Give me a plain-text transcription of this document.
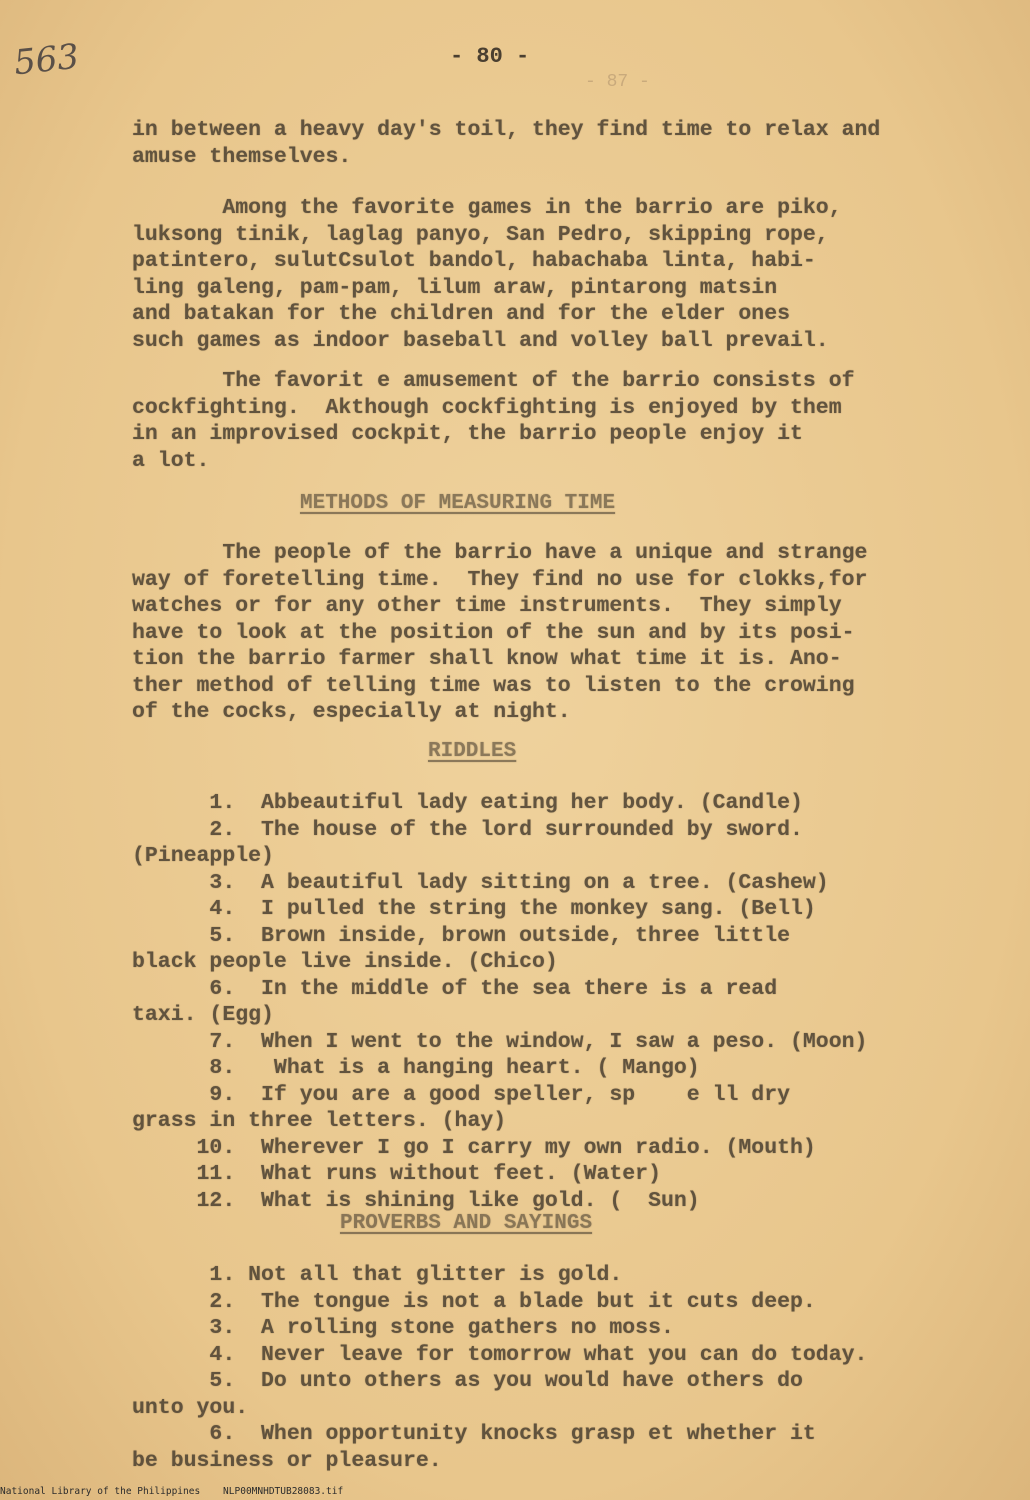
563	- 80 -
- 87 -
in between a heavy day's toil, they find time to relax and
amuse themselves.
Among the favorite games in the barrio are piko,
luksong tinik, laglag panyo, San Pedro, skipping rope,
patintero, sulutCsulot bandol, habachaba linta, habi-
ling galeng, pam-pam, lilum araw, pintarong matsin
and batakan for the children and for the elder ones
such games as indoor baseball and volley ball prevail.
The favorit e amusement of the barrio consists of
cockfighting.  Akthough cockfighting is enjoyed by them
in an improvised cockpit, the barrio people enjoy it
a lot.
METHODS OF MEASURING TIME
The people of the barrio have a unique and strange
way of foretelling time.  They find no use for clokks,for
watches or for any other time instruments.  They simply
have to look at the position of the sun and by its posi-
tion the barrio farmer shall know what time it is. Ano-
ther method of telling time was to listen to the crowing
of the cocks, especially at night.
RIDDLES
1.  Abbeautiful lady eating her body. (Candle)
2.  The house of the lord surrounded by sword.
(Pineapple)
3.  A beautiful lady sitting on a tree. (Cashew)
4.  I pulled the string the monkey sang. (Bell)
5.  Brown inside, brown outside, three little
black people live inside. (Chico)
6.  In the middle of the sea there is a read
taxi. (Egg)
7.  When I went to the window, I saw a peso. (Moon)
8.   What is a hanging heart. ( Mango)
9.  If you are a good speller, sp    e ll dry
grass in three letters. (hay)
10.  Wherever I go I carry my own radio. (Mouth)
11.  What runs without feet. (Water)
12.  What is shining like gold. (  Sun)
PROVERBS AND SAYINGS
1. Not all that glitter is gold.
2.  The tongue is not a blade but it cuts deep.
3.  A rolling stone gathers no moss.
4.  Never leave for tomorrow what you can do today.
5.  Do unto others as you would have others do
unto you.
6.  When opportunity knocks grasp et whether it
be business or pleasure.
National Library of the Philippines    NLP00MNHDTUB28083.tif
